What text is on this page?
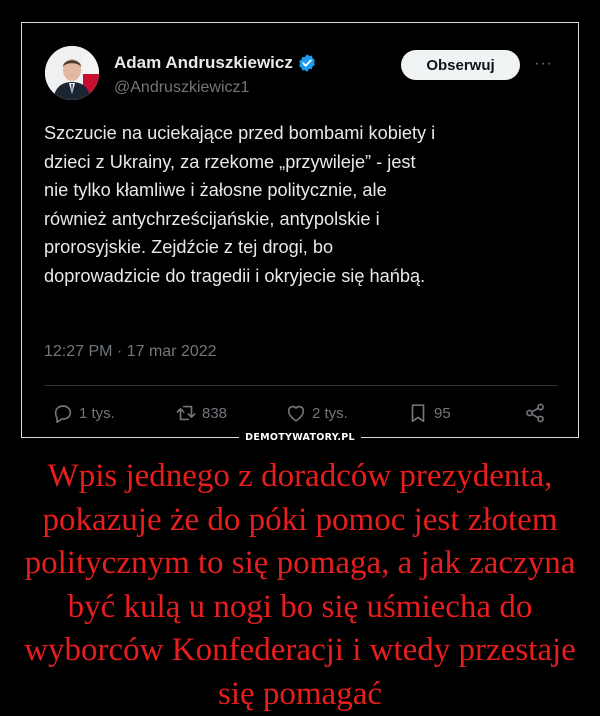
Adam Andruszkiewicz
@Andruszkiewicz1
Obserwuj	···
Szczucie na uciekające przed bombami kobiety i
dzieci z Ukrainy, za rzekome „przywileje” - jest
nie tylko kłamliwe i żałosne politycznie, ale
również antychrześcijańskie, antypolskie i
prorosyjskie. Zejdźcie z tej drogi, bo
doprowadzicie do tragedii i okryjecie się hańbą.
12:27 PM · 17 mar 2022
1 tys.	838	2 tys.	95
DEMOTYWATORY.PL
Wpis jednego z doradców prezydenta, pokazuje że do póki pomoc jest złotem politycznym to się pomaga, a jak zaczyna być kulą u nogi bo się uśmiecha do wyborców Konfederacji i wtedy przestaje się pomagać
